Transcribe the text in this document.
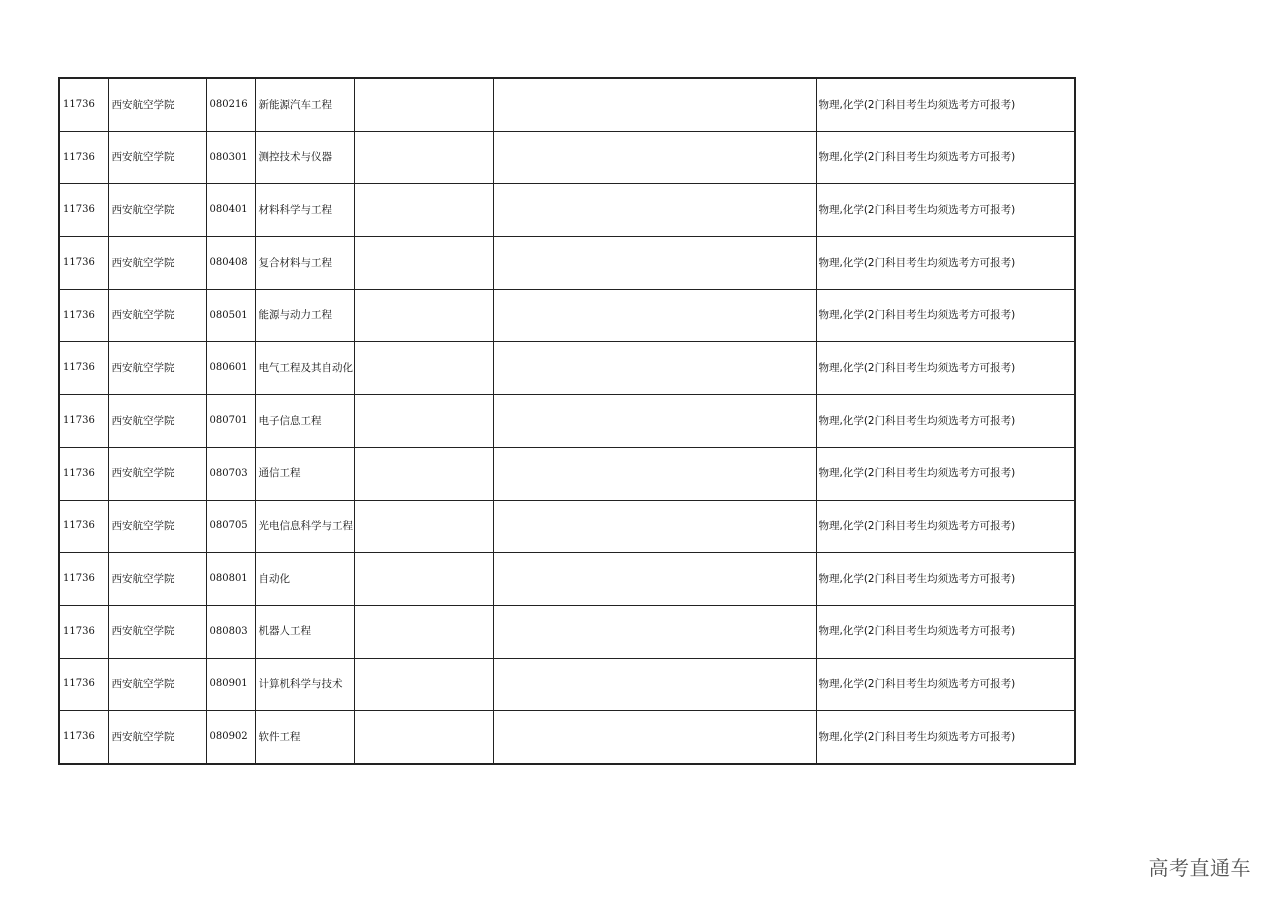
11736	西安航空学院	080216	新能源汽车工程			物理,化学(2门科目考生均须选考方可报考)
11736	西安航空学院	080301	测控技术与仪器			物理,化学(2门科目考生均须选考方可报考)
11736	西安航空学院	080401	材料科学与工程			物理,化学(2门科目考生均须选考方可报考)
11736	西安航空学院	080408	复合材料与工程			物理,化学(2门科目考生均须选考方可报考)
11736	西安航空学院	080501	能源与动力工程			物理,化学(2门科目考生均须选考方可报考)
11736	西安航空学院	080601	电气工程及其自动化			物理,化学(2门科目考生均须选考方可报考)
11736	西安航空学院	080701	电子信息工程			物理,化学(2门科目考生均须选考方可报考)
11736	西安航空学院	080703	通信工程			物理,化学(2门科目考生均须选考方可报考)
11736	西安航空学院	080705	光电信息科学与工程			物理,化学(2门科目考生均须选考方可报考)
11736	西安航空学院	080801	自动化			物理,化学(2门科目考生均须选考方可报考)
11736	西安航空学院	080803	机器人工程			物理,化学(2门科目考生均须选考方可报考)
11736	西安航空学院	080901	计算机科学与技术			物理,化学(2门科目考生均须选考方可报考)
11736	西安航空学院	080902	软件工程			物理,化学(2门科目考生均须选考方可报考)
高考直通车
